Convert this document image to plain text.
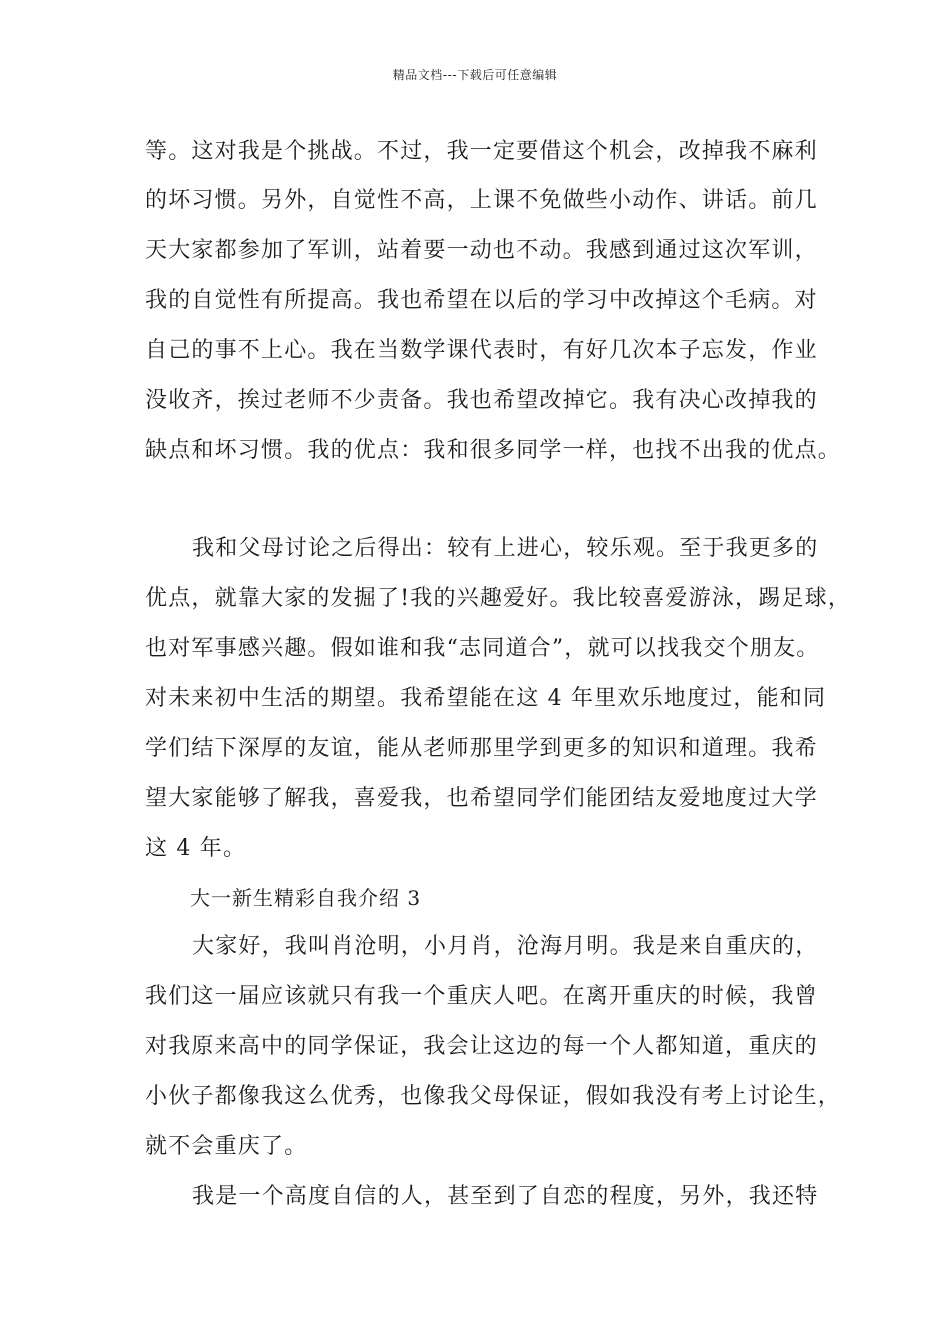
精品文档---下载后可任意编辑
等。这对我是个挑战。不过，我一定要借这个机会，改掉我不麻利
的坏习惯。另外，自觉性不高，上课不免做些小动作、讲话。前几
天大家都参加了军训，站着要一动也不动。我感到通过这次军训，
我的自觉性有所提高。我也希望在以后的学习中改掉这个毛病。对
自己的事不上心。我在当数学课代表时，有好几次本子忘发，作业
没收齐，挨过老师不少责备。我也希望改掉它。我有决心改掉我的
缺点和坏习惯。我的优点：我和很多同学一样，也找不出我的优点。
我和父母讨论之后得出：较有上进心，较乐观。至于我更多的
优点，就靠大家的发掘了!我的兴趣爱好。我比较喜爱游泳，踢足球，
也对军事感兴趣。假如谁和我“志同道合”，就可以找我交个朋友。
对未来初中生活的期望。我希望能在这 4 年里欢乐地度过，能和同
学们结下深厚的友谊，能从老师那里学到更多的知识和道理。我希
望大家能够了解我，喜爱我，也希望同学们能团结友爱地度过大学
这 4 年。
大一新生精彩自我介绍 3
大家好，我叫肖沧明，小月肖，沧海月明。我是来自重庆的，
我们这一届应该就只有我一个重庆人吧。在离开重庆的时候，我曾
对我原来高中的同学保证，我会让这边的每一个人都知道，重庆的
小伙子都像我这么优秀，也像我父母保证，假如我没有考上讨论生，
就不会重庆了。
我是一个高度自信的人，甚至到了自恋的程度，另外，我还特
